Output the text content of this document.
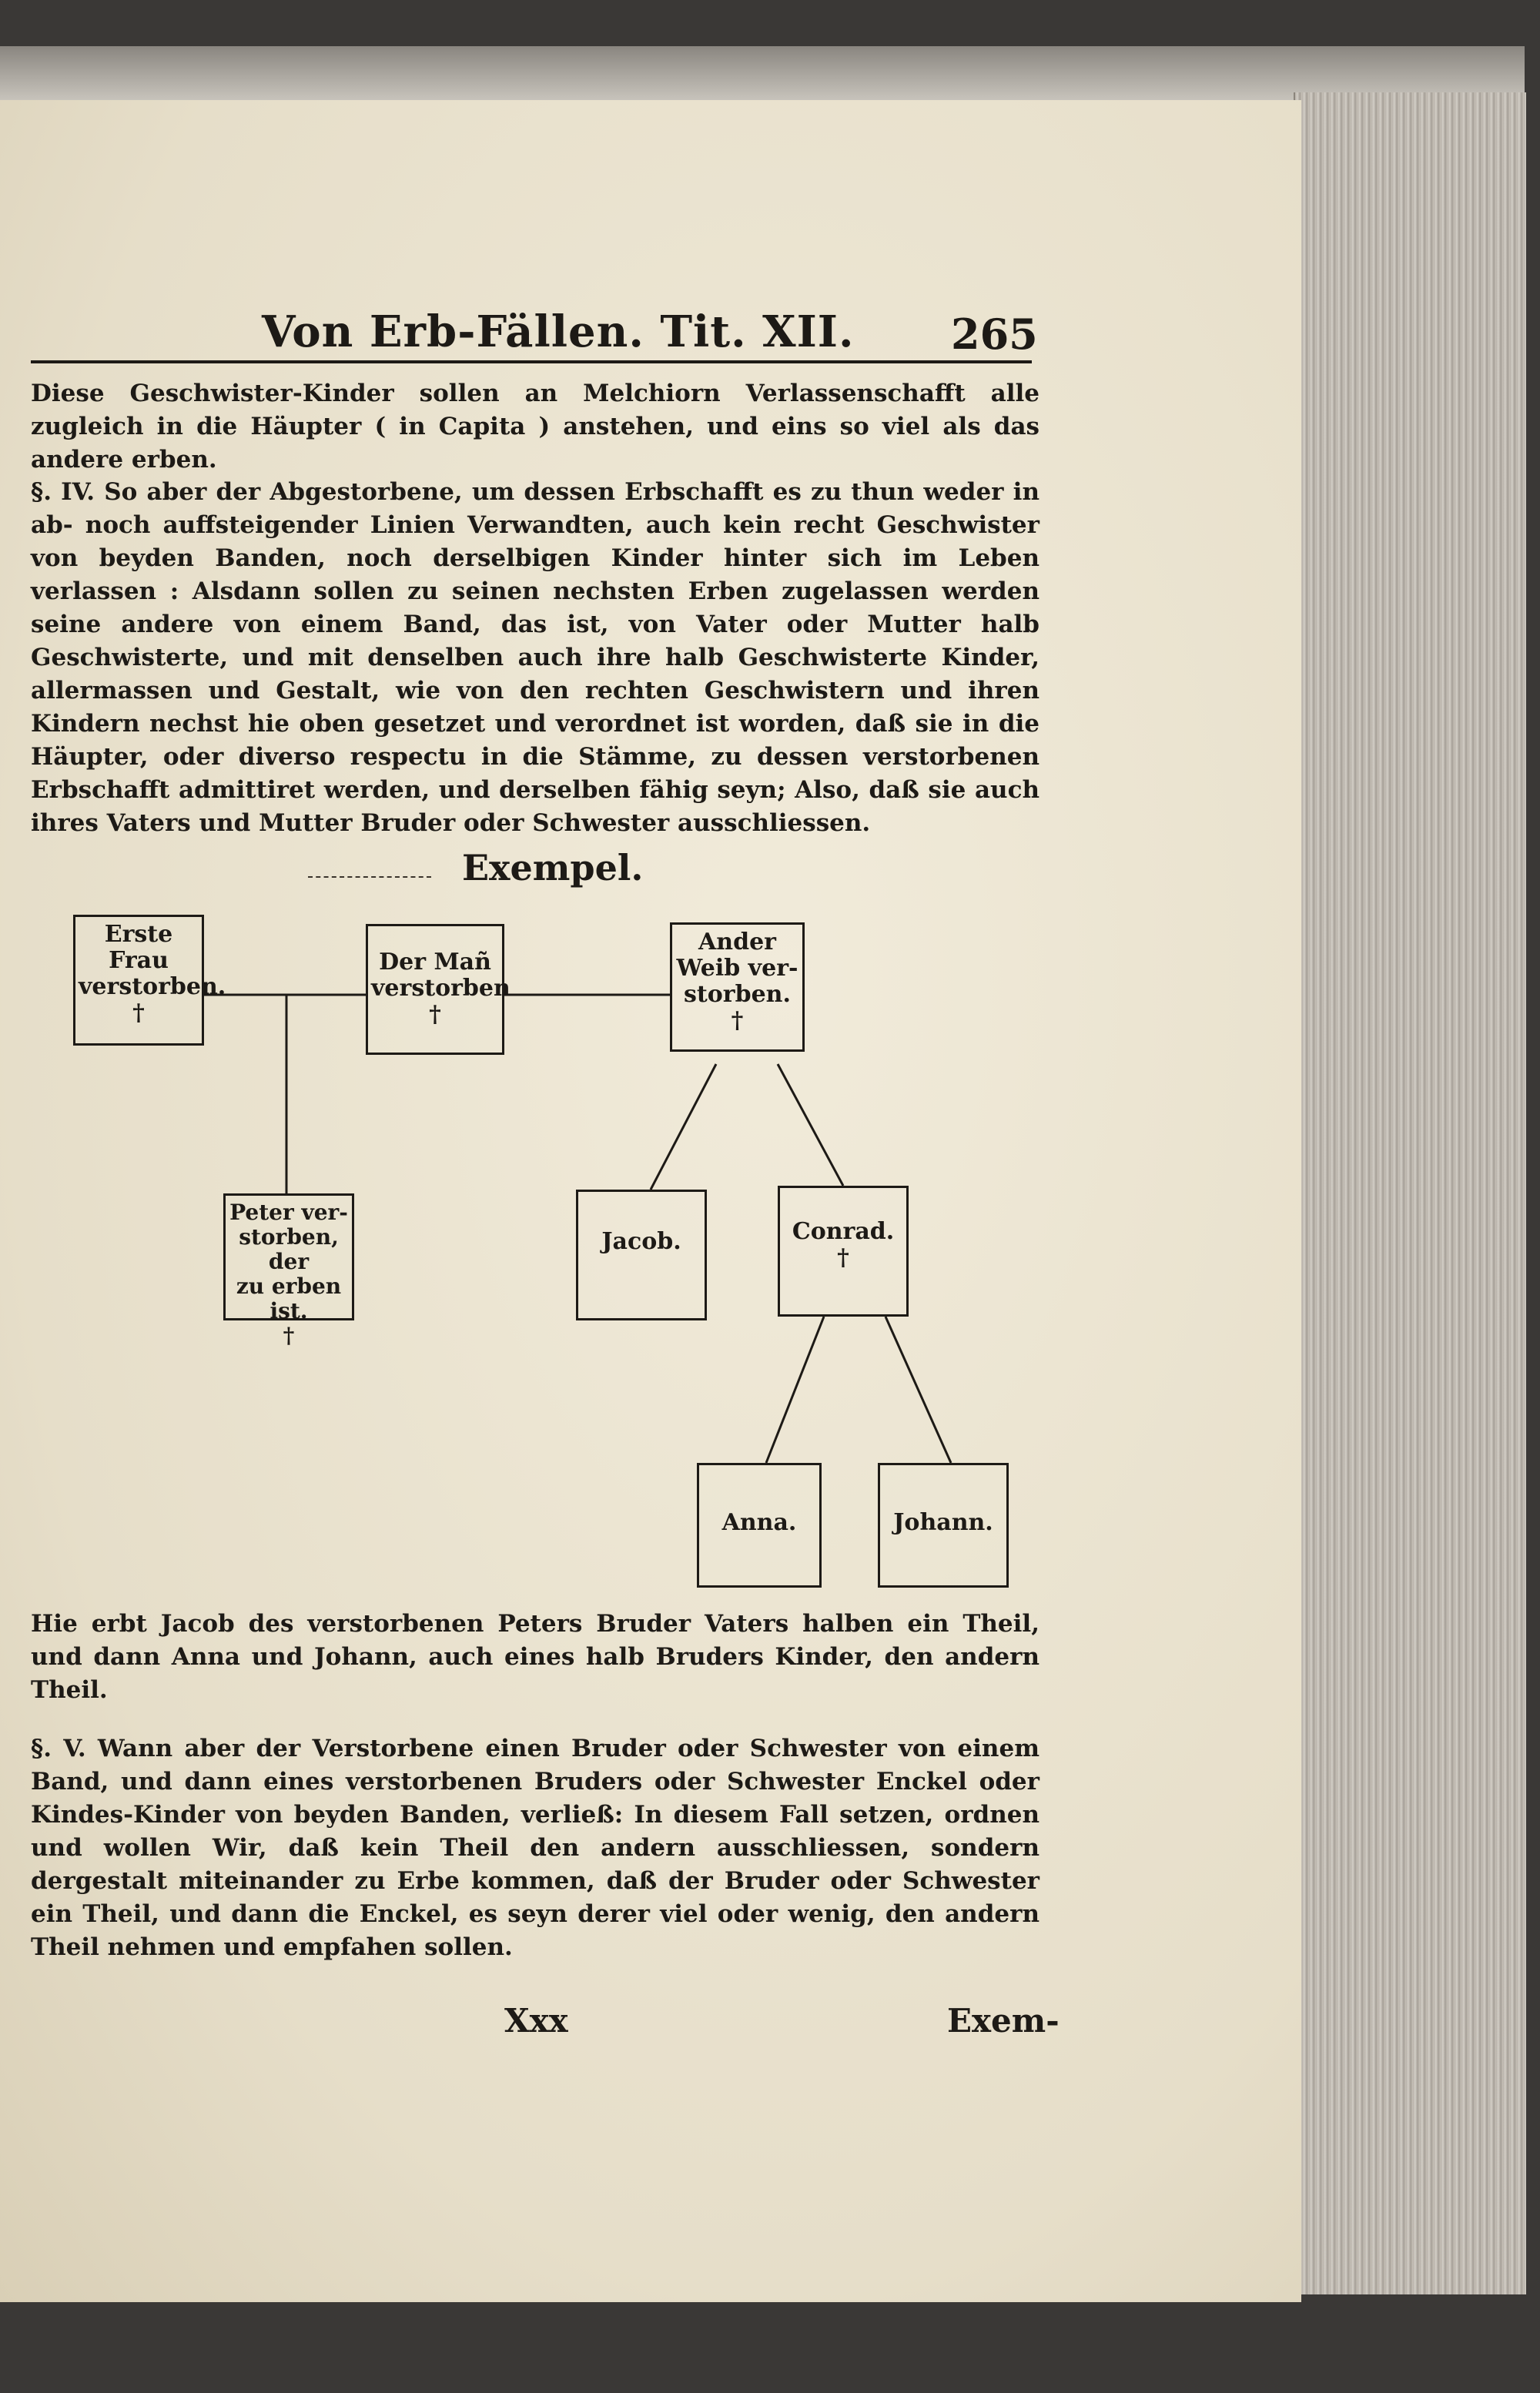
Von Erb-Fällen. Tit. XII. 265
Diese Geschwister-Kinder sollen an Melchiorn Verlassenschafft alle zugleich in die Häupter ( in Capita ) anstehen, und eins so viel als das andere erben.
§. IV. So aber der Abgestorbene, um dessen Erbschafft es zu thun weder in ab- noch auffsteigender Linien Verwandten, auch kein recht Geschwister von beyden Banden, noch derselbigen Kinder hinter sich im Leben verlassen : Alsdann sollen zu seinen nechsten Erben zugelassen werden seine andere von einem Band, das ist, von Vater oder Mutter halb Geschwisterte, und mit denselben auch ihre halb Geschwisterte Kinder, allermassen und Gestalt, wie von den rechten Geschwistern und ihren Kindern nechst hie oben gesetzet und verordnet ist worden, daß sie in die Häupter, oder diverso respectu in die Stämme, zu dessen verstorbenen Erbschafft admittiret werden, und derselben fähig seyn; Also, daß sie auch ihres Vaters und Mutter Bruder oder Schwester ausschliessen.
Exempel.
Erste Frau
verstorben.
†
Der Mañ
verstorben
†
Ander
Weib ver-
storben.
†
Peter ver-
storben, der
zu erben ist.
†
Jacob.	Conrad.
†
Anna.	Johann.
Hie erbt Jacob des verstorbenen Peters Bruder Vaters halben ein Theil, und dann Anna und Johann, auch eines halb Bruders Kinder, den andern Theil.
§. V. Wann aber der Verstorbene einen Bruder oder Schwester von einem Band, und dann eines verstorbenen Bruders oder Schwester Enckel oder Kindes-Kinder von beyden Banden, verließ: In diesem Fall setzen, ordnen und wollen Wir, daß kein Theil den andern ausschliessen, sondern dergestalt miteinander zu Erbe kommen, daß der Bruder oder Schwester ein Theil, und dann die Enckel, es seyn derer viel oder wenig, den andern Theil nehmen und empfahen sollen.
Xxx	Exem-
